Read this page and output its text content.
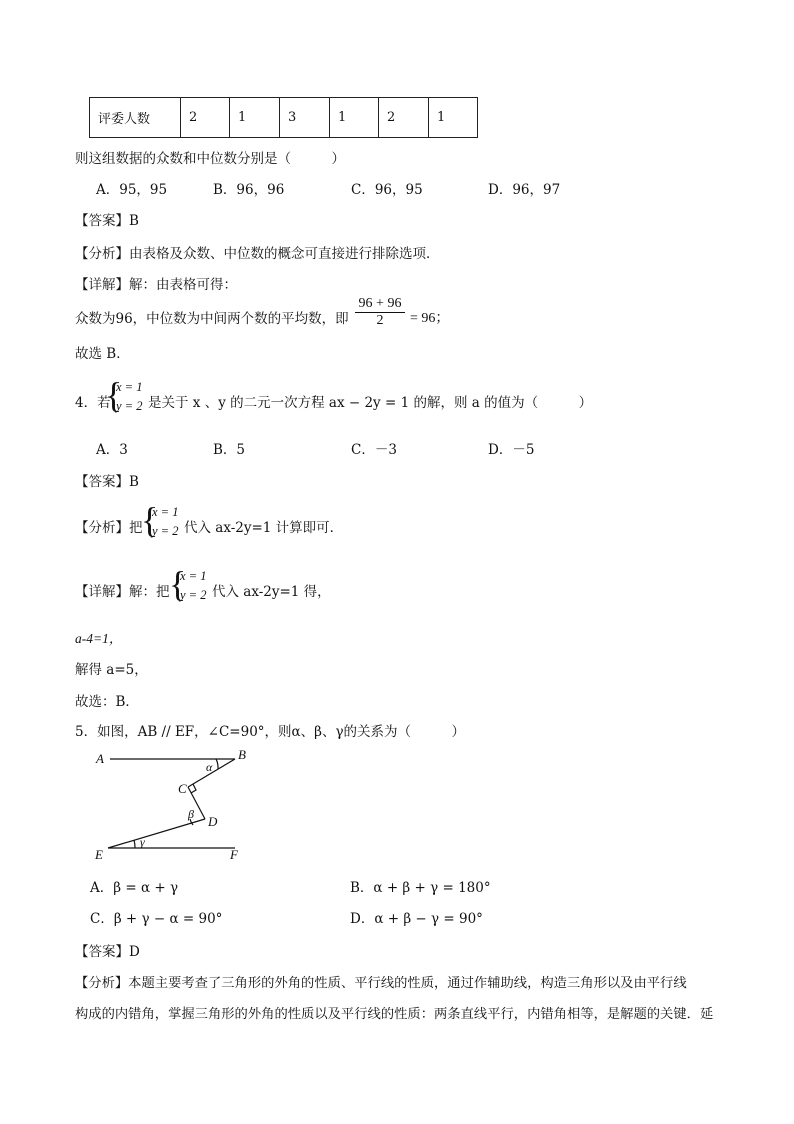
评委人数	2	1	3	1	2	1
则这组数据的众数和中位数分别是（　　　）
A．95，95	B．96，96	C．96，95	D．96，97
【答案】B
【分析】由表格及众数、中位数的概念可直接进行排除选项．
【详解】解：由表格可得：
众数为96，中位数为中间两个数的平均数，即 $\frac{96 + 96}{2} = 96$；
故选 B．
4．若
{
x = 1
y = 2 是关于 x 、y 的二元一次方程 ax − 2y = 1 的解，则 a 的值为（　　　）
A．3	B．5	C．－3	D．－5
【答案】B
【分析】把
{
x = 1
y = 2 代入 ax-2y=1 计算即可．
【详解】解：把 {
x = 1
y = 2 代入 ax-2y=1 得，
a-4=1，
解得 a=5，
故选：B．
5．如图，AB // EF，∠C=90°，则α、β、γ的关系为（　　　）
A	B
C
D
E	F
α
β
γ
A．β = α + γ	B．α + β + γ = 180°
C．β + γ − α = 90°	D．α + β − γ = 90°
【答案】D
【分析】本题主要考查了三角形的外角的性质、平行线的性质，通过作辅助线，构造三角形以及由平行线
构成的内错角，掌握三角形的外角的性质以及平行线的性质：两条直线平行，内错角相等，是解题的关键．延
